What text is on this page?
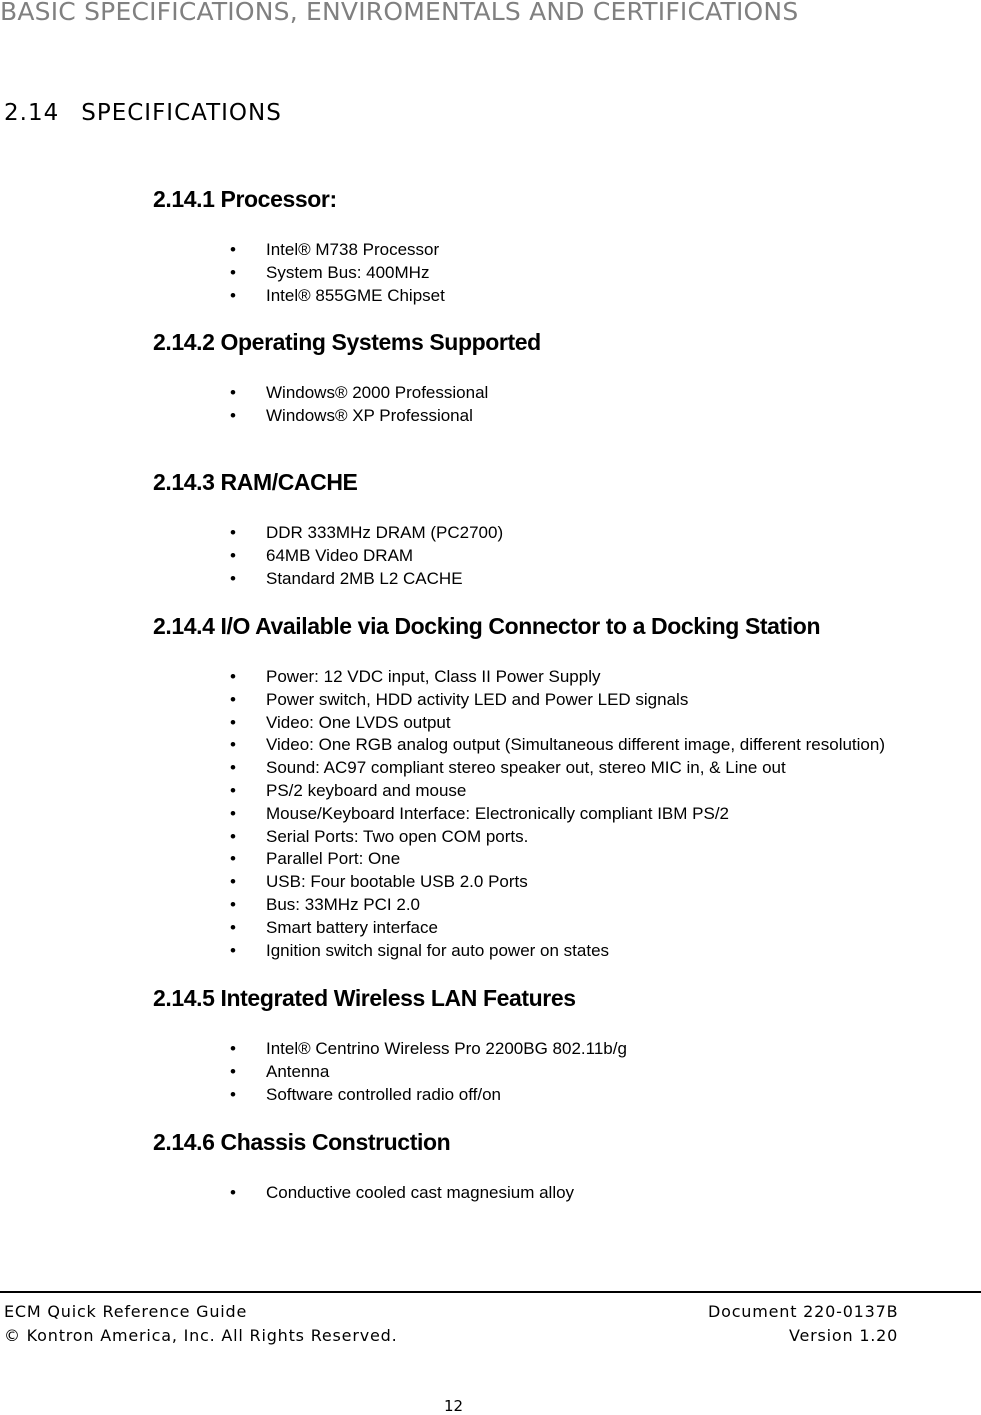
BASIC SPECIFICATIONS, ENVIROMENTALS AND CERTIFICATIONS
2.14 SPECIFICATIONS
2.14.1 Processor:
• Intel® M738 Processor
• System Bus: 400MHz
• Intel® 855GME Chipset
2.14.2 Operating Systems Supported
• Windows® 2000 Professional
• Windows® XP Professional
2.14.3 RAM/CACHE
• DDR 333MHz DRAM (PC2700)
• 64MB Video DRAM
• Standard 2MB L2 CACHE
2.14.4 I/O Available via Docking Connector to a Docking Station
• Power: 12 VDC input, Class II Power Supply
• Power switch, HDD activity LED and Power LED signals
• Video: One LVDS output
• Video: One RGB analog output (Simultaneous different image, different resolution)
• Sound: AC97 compliant stereo speaker out, stereo MIC in, & Line out
• PS/2 keyboard and mouse
• Mouse/Keyboard Interface: Electronically compliant IBM PS/2
• Serial Ports: Two open COM ports.
• Parallel Port: One
• USB: Four bootable USB 2.0 Ports
• Bus: 33MHz PCI 2.0
• Smart battery interface
• Ignition switch signal for auto power on states
2.14.5 Integrated Wireless LAN Features
• Intel® Centrino Wireless Pro 2200BG 802.11b/g
• Antenna
• Software controlled radio off/on
2.14.6 Chassis Construction
• Conductive cooled cast magnesium alloy
ECM Quick Reference Guide	Document 220-0137B
© Kontron America, Inc. All Rights Reserved.	Version 1.20
12
